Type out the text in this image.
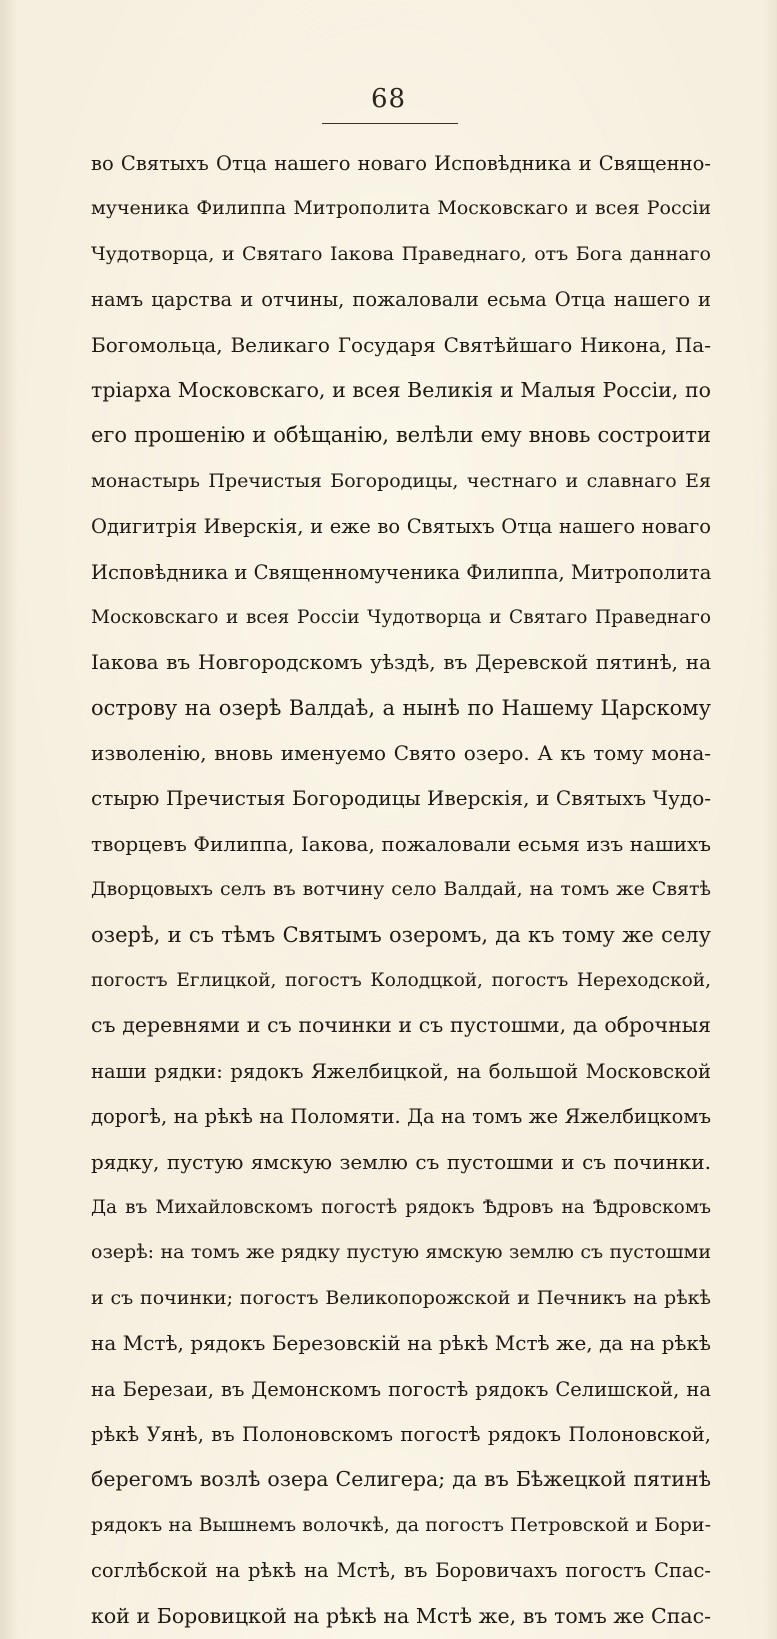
68
во Святыхъ Отца нашего новаго Исповѣдника и Священно-
мученика Филиппа Митрополита Московскаго и всея Россіи
Чудотворца, и Святаго Іакова Праведнаго, отъ Бога даннаго
намъ царства и отчины, пожаловали есьма Отца нашего и
Богомольца, Великаго Государя Святѣйшаго Никона, Па-
тріарха Московскаго, и всея Великія и Малыя Россіи, по
его прошенію и обѣщанію, велѣли ему вновь состроити
монастырь Пречистыя Богородицы, честнаго и славнаго Ея
Одигитрія Иверскія, и еже во Святыхъ Отца нашего новаго
Исповѣдника и Священномученика Филиппа, Митрополита
Московскаго и всея Россіи Чудотворца и Святаго Праведнаго
Іакова въ Новгородскомъ уѣздѣ, въ Деревской пятинѣ, на
острову на озерѣ Валдаѣ, а нынѣ по Нашему Царскому
изволенію, вновь именуемо Свято озеро. А къ тому мона-
стырю Пречистыя Богородицы Иверскія, и Святыхъ Чудо-
творцевъ Филиппа, Іакова, пожаловали есьмя изъ нашихъ
Дворцовыхъ селъ въ вотчину село Валдай, на томъ же Святѣ
озерѣ, и съ тѣмъ Святымъ озеромъ, да къ тому же селу
погостъ Еглицкой, погостъ Колодцкой, погостъ Нереходской,
съ деревнями и съ починки и съ пустошми, да оброчныя
наши рядки: рядокъ Яжелбицкой, на большой Московской
дорогѣ, на рѣкѣ на Поломяти. Да на томъ же Яжелбицкомъ
рядку, пустую ямскую землю съ пустошми и съ починки.
Да въ Михайловскомъ погостѣ рядокъ Ѣдровъ на Ѣдровскомъ
озерѣ: на томъ же рядку пустую ямскую землю съ пустошми
и съ починки; погостъ Великопорожской и Печникъ на рѣкѣ
на Мстѣ, рядокъ Березовскій на рѣкѣ Мстѣ же, да на рѣкѣ
на Березаи, въ Демонскомъ погостѣ рядокъ Селишской, на
рѣкѣ Уянѣ, въ Полоновскомъ погостѣ рядокъ Полоновской,
берегомъ возлѣ озера Селигера; да въ Бѣжецкой пятинѣ
рядокъ на Вышнемъ волочкѣ, да погостъ Петровской и Бори-
соглѣбской на рѣкѣ на Мстѣ, въ Боровичахъ погостъ Спас-
кой и Боровицкой на рѣкѣ на Мстѣ же, въ томъ же Спас-
